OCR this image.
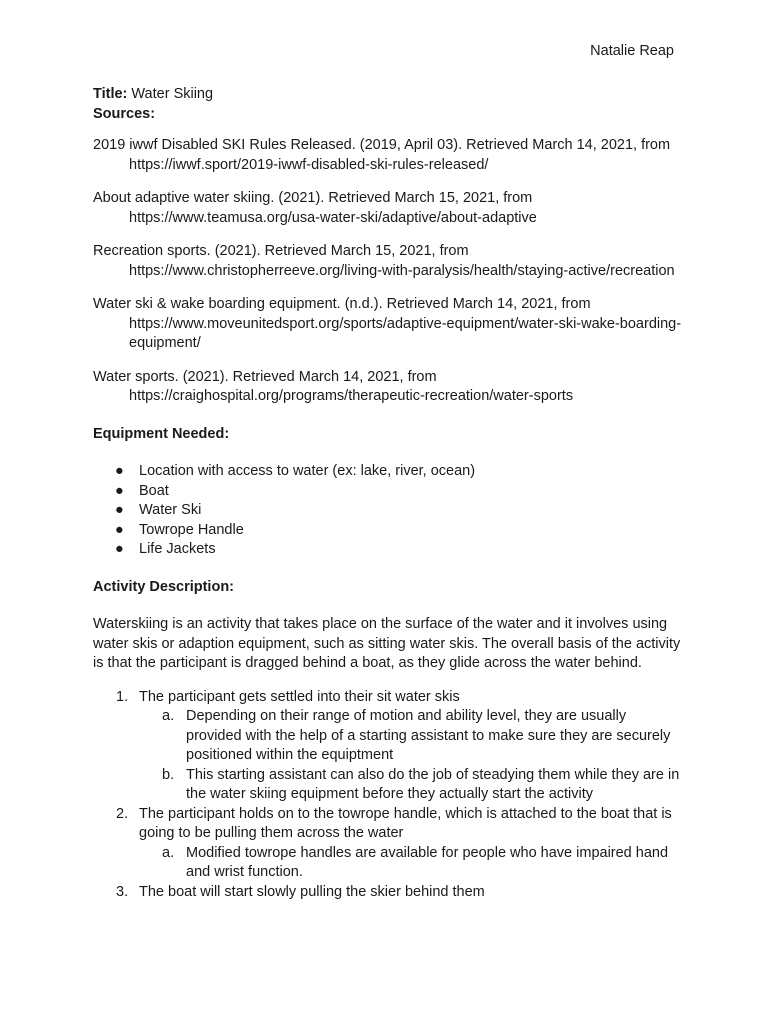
Natalie Reap

Title: Water Skiing

Sources:

2019 iwwf Disabled SKI Rules Released. (2019, April 03). Retrieved March 14, 2021, from https://iwwf.sport/2019-iwwf-disabled-ski-rules-released/

About adaptive water skiing. (2021). Retrieved March 15, 2021, from https://www.teamusa.org/usa-water-ski/adaptive/about-adaptive

Recreation sports. (2021). Retrieved March 15, 2021, from https://www.christopherreeve.org/living-with-paralysis/health/staying-active/recreation

Water ski & wake boarding equipment. (n.d.). Retrieved March 14, 2021, from https://www.moveunitedsport.org/sports/adaptive-equipment/water-ski-wake-boarding-equipment/

Water sports. (2021). Retrieved March 14, 2021, from https://craighospital.org/programs/therapeutic-recreation/water-sports

Equipment Needed:

● Location with access to water (ex: lake, river, ocean)
● Boat
● Water Ski
● Towrope Handle
● Life Jackets

Activity Description:

Waterskiing is an activity that takes place on the surface of the water and it involves using water skis or adaption equipment, such as sitting water skis. The overall basis of the activity is that the participant is dragged behind a boat, as they glide across the water behind.

1. The participant gets settled into their sit water skis
a. Depending on their range of motion and ability level, they are usually provided with the help of a starting assistant to make sure they are securely positioned within the equiptment
b. This starting assistant can also do the job of steadying them while they are in the water skiing equipment before they actually start the activity
2. The participant holds on to the towrope handle, which is attached to the boat that is going to be pulling them across the water
a. Modified towrope handles are available for people who have impaired hand and wrist function.
3. The boat will start slowly pulling the skier behind them
